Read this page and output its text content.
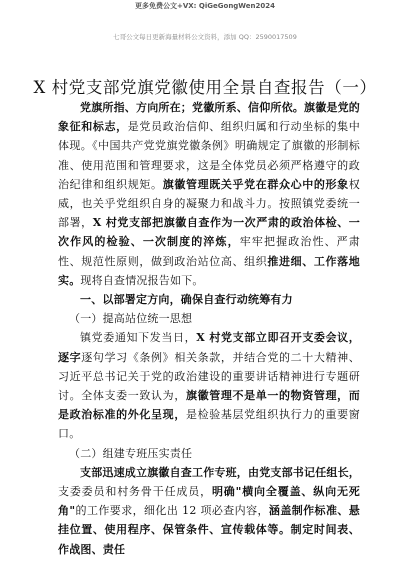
更多免费公文+VX: QiGeGongWen2024
七哥公文每日更新海量材料公文资料，添加 QQ：2590017509
X 村党支部党旗党徽使用全景自查报告（一）

党旗所指、方向所在；党徽所系、信仰所依。旗徽是党的象征和标志，是党员政治信仰、组织归属和行动坐标的集中体现。《中国共产党党旗党徽条例》明确规定了旗徽的形制标准、使用范围和管理要求，这是全体党员必须严格遵守的政治纪律和组织规矩。旗徽管理既关乎党在群众心中的形象权威，也关乎党组织自身的凝聚力和战斗力。按照镇党委统一部署，X 村党支部把旗徽自查作为一次严肃的政治体检、一次作风的检验、一次制度的淬炼，牢牢把握政治性、严肃性、规范性原则，做到政治站位高、组织推进细、工作落地实。现将自查情况报告如下。

一、以部署定方向，确保自查行动统筹有力

（一）提高站位统一思想

镇党委通知下发当日，X 村党支部立即召开支委会议，逐字逐句学习《条例》相关条款，并结合党的二十大精神、习近平总书记关于党的政治建设的重要讲话精神进行专题研讨。全体支委一致认为，旗徽管理不是单一的物资管理，而是政治标准的外化呈现，是检验基层党组织执行力的重要窗口。

（二）组建专班压实责任

支部迅速成立旗徽自查工作专班，由党支部书记任组长，支委委员和村务骨干任成员，明确"横向全覆盖、纵向无死角"的工作要求，细化出 12 项必查内容，涵盖制作标准、悬挂位置、使用程序、保管条件、宣传载体等。制定时间表、作战图、责任
